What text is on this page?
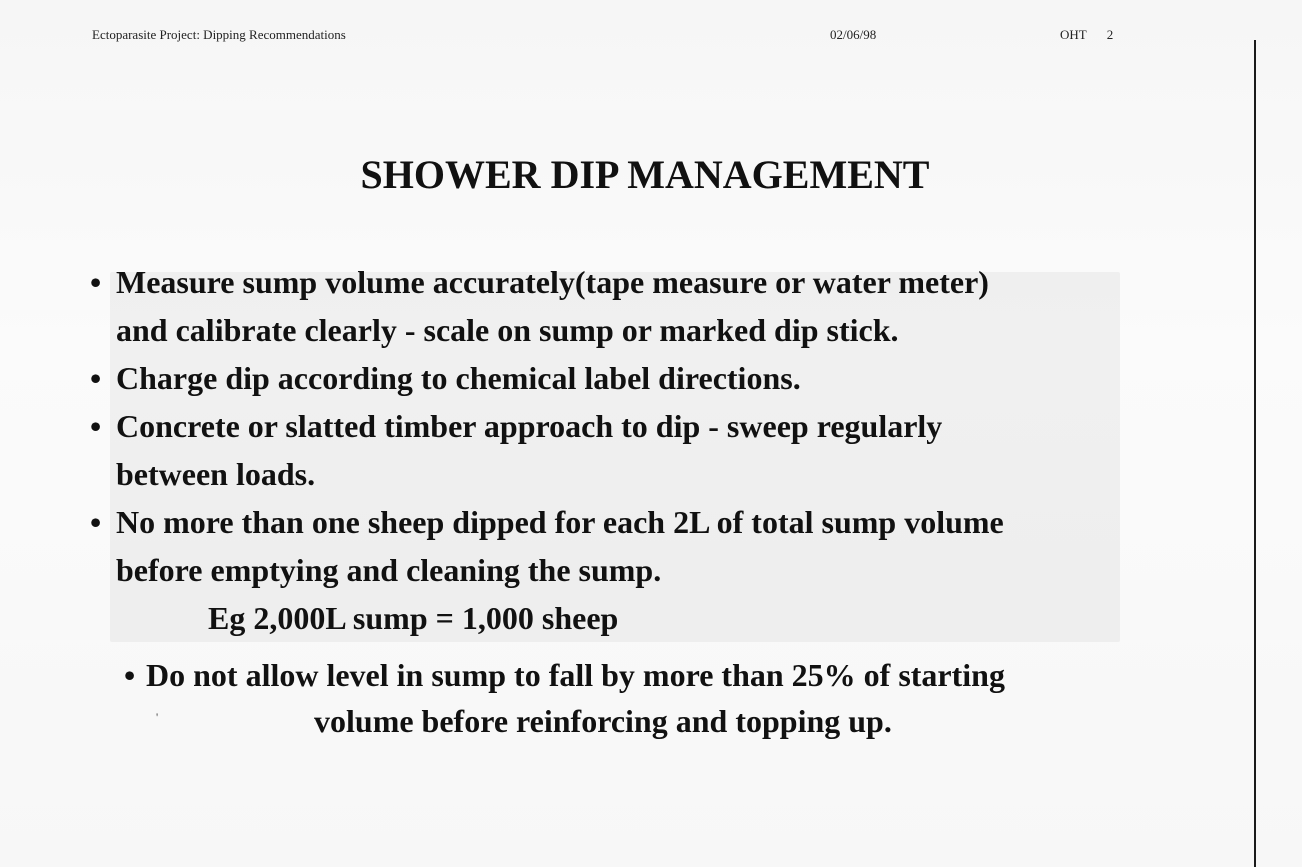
Ectoparasite Project: Dipping Recommendations	02/06/98	OHT 2
SHOWER DIP MANAGEMENT
• Measure sump volume accurately(tape measure or water meter)
and calibrate clearly - scale on sump or marked dip stick.
• Charge dip according to chemical label directions.
• Concrete or slatted timber approach to dip - sweep regularly
between loads.
• No more than one sheep dipped for each 2L of total sump volume
before emptying and cleaning the sump.
Eg 2,000L sump = 1,000 sheep
• Do not allow level in sump to fall by more than 25% of starting
volume before reinforcing and topping up.
'
